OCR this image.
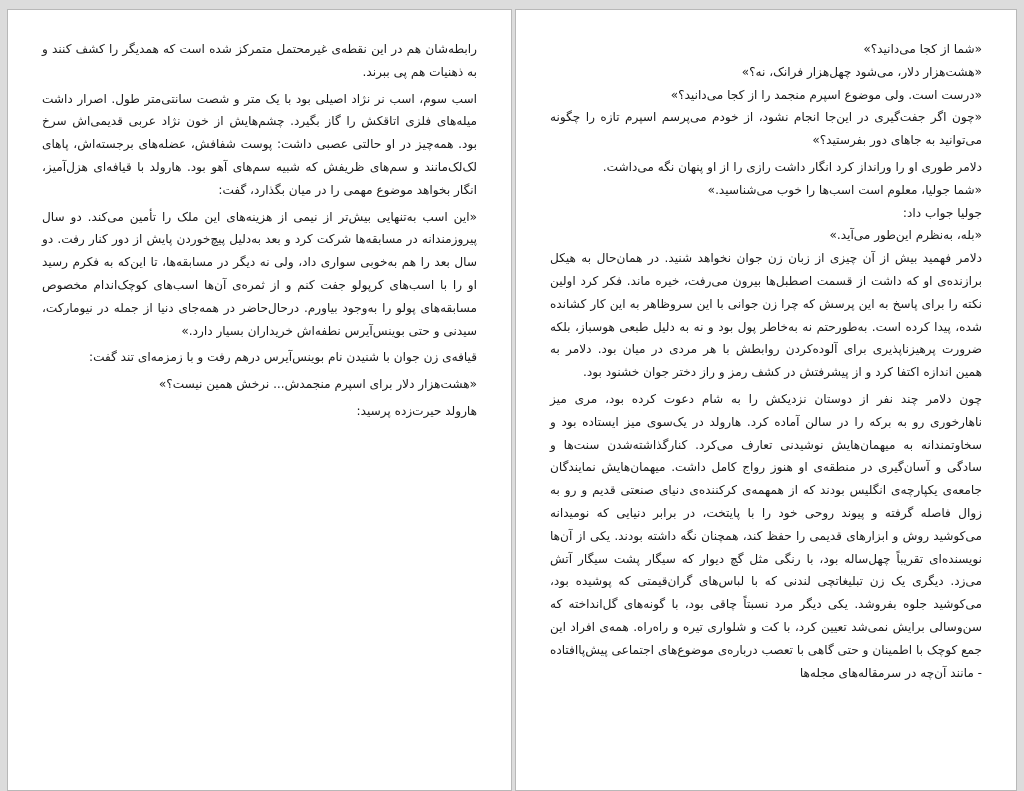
رابطه‌شان هم در این نقطه‌ی غیرمحتمل متمرکز شده است که همدیگر را کشف کنند و به ذهنیات هم پی ببرند.

اسب سوم، اسب نر نژاد اصیلی بود با یک متر و شصت سانتی‌متر طول. اصرار داشت میله‌های فلزی اتاقکش را گاز بگیرد. چشم‌هایش از خون نژاد عربی قدیمی‌اش سرخ بود. همه‌چیز در او حالتی عصبی داشت: پوست شفافش، عضله‌های برجسته‌اش، پاهای لک‌لک‌مانند و سم‌های ظریفش که شبیه سم‌های آهو بود. هارولد با قیافه‌ای هزل‌آمیز، انگار بخواهد موضوع مهمی را در میان بگذارد، گفت:

«این اسب به‌تنهایی بیش‌تر از نیمی از هزینه‌های این ملک را تأمین می‌کند. دو سال پیروزمندانه در مسابقه‌ها شرکت کرد و بعد به‌دلیل پیچ‌خوردن پایش از دور کنار رفت. دو سال بعد را هم به‌خوبی سواری داد، ولی نه دیگر در مسابقه‌ها، تا این‌که به فکرم رسید او را با اسب‌های کرپولو جفت کنم و از ثمره‌ی آن‌ها اسب‌های کوچک‌اندام مخصوص مسابقه‌های پولو را به‌وجود بیاورم. درحال‌حاضر در همه‌جای دنیا از جمله در نیومارکت، سیدنی و حتی بوینس‌آیرس نطفه‌اش خریداران بسیار دارد.»

قیافه‌ی زن جوان با شنیدن نام بوینس‌آیرس درهم رفت و با زمزمه‌ای تند گفت:

«هشت‌هزار دلار برای اسپرم منجمدش... نرخش همین نیست؟»

هارولد حیرت‌زده پرسید:

«شما از کجا می‌دانید؟»

«هشت‌هزار دلار، می‌شود چهل‌هزار فرانک، نه؟»

«درست است. ولی موضوع اسپرم منجمد را از کجا می‌دانید؟»

«چون اگر جفت‌گیری در این‌جا انجام نشود، از خودم می‌پرسم اسپرم تازه را چگونه می‌توانید به جاهای دور بفرستید؟»

دلامر طوری او را ورانداز کرد انگار داشت رازی را از او پنهان نگه می‌داشت.

«شما جولیا، معلوم است اسب‌ها را خوب می‌شناسید.»

جولیا جواب داد:

«بله، به‌نظرم این‌طور می‌آید.»

دلامر فهمید بیش از آن چیزی از زبان زن جوان نخواهد شنید. در همان‌حال به هیکل برازنده‌ی او که داشت از قسمت اصطبل‌ها بیرون می‌رفت، خیره ماند. فکر کرد اولین نکته را برای پاسخ به این پرسش که چرا زن جوانی با این سروظاهر به این کار کشانده شده، پیدا کرده است. به‌طورحتم نه به‌خاطر پول بود و نه به دلیل طبعی هوسباز، بلکه ضرورت پرهیزناپذیری برای آلوده‌کردن روابطش با هر مردی در میان بود. دلامر به همین اندازه اکتفا کرد و از پیشرفتش در کشف رمز و راز دختر جوان خشنود بود.

چون دلامر چند نفر از دوستان نزدیکش را به شام دعوت کرده بود، مری میز ناهارخوری رو به برکه را در سالن آماده کرد. هارولد در یک‌سوی میز ایستاده بود و سخاوتمندانه به میهمان‌هایش نوشیدنی تعارف می‌کرد. کنارگذاشته‌شدن سنت‌ها و سادگی و آسان‌گیری در منطقه‌ی او هنوز رواج کامل داشت. میهمان‌هایش نمایندگان جامعه‌ی یکپارچه‌ی انگلیس بودند که از همهمه‌ی کرکننده‌ی دنیای صنعتی قدیم و رو به زوال فاصله گرفته و پیوند روحی خود را با پایتخت، در برابر دنیایی که نومیدانه می‌کوشید روش و ابزارهای قدیمی را حفظ کند، همچنان نگه داشته بودند. یکی از آن‌ها نویسنده‌ای تقریباً چهل‌ساله بود، با رنگی مثل گچ دیوار که سیگار پشت سیگار آتش می‌زد. دیگری یک زن تبلیغاتچی لندنی که با لباس‌های گران‌قیمتی که پوشیده بود، می‌کوشید جلوه بفروشد. یکی دیگر مرد نسبتاً چاقی بود، با گونه‌های گل‌انداخته که سن‌وسالی برایش نمی‌شد تعیین کرد، با کت و شلواری تیره و راه‌راه. همه‌ی افراد این جمع کوچک با اطمینان و حتی گاهی با تعصب درباره‌ی موضوع‌های اجتماعی پیش‌پاافتاده - مانند آن‌چه در سرمقاله‌های مجله‌ها
